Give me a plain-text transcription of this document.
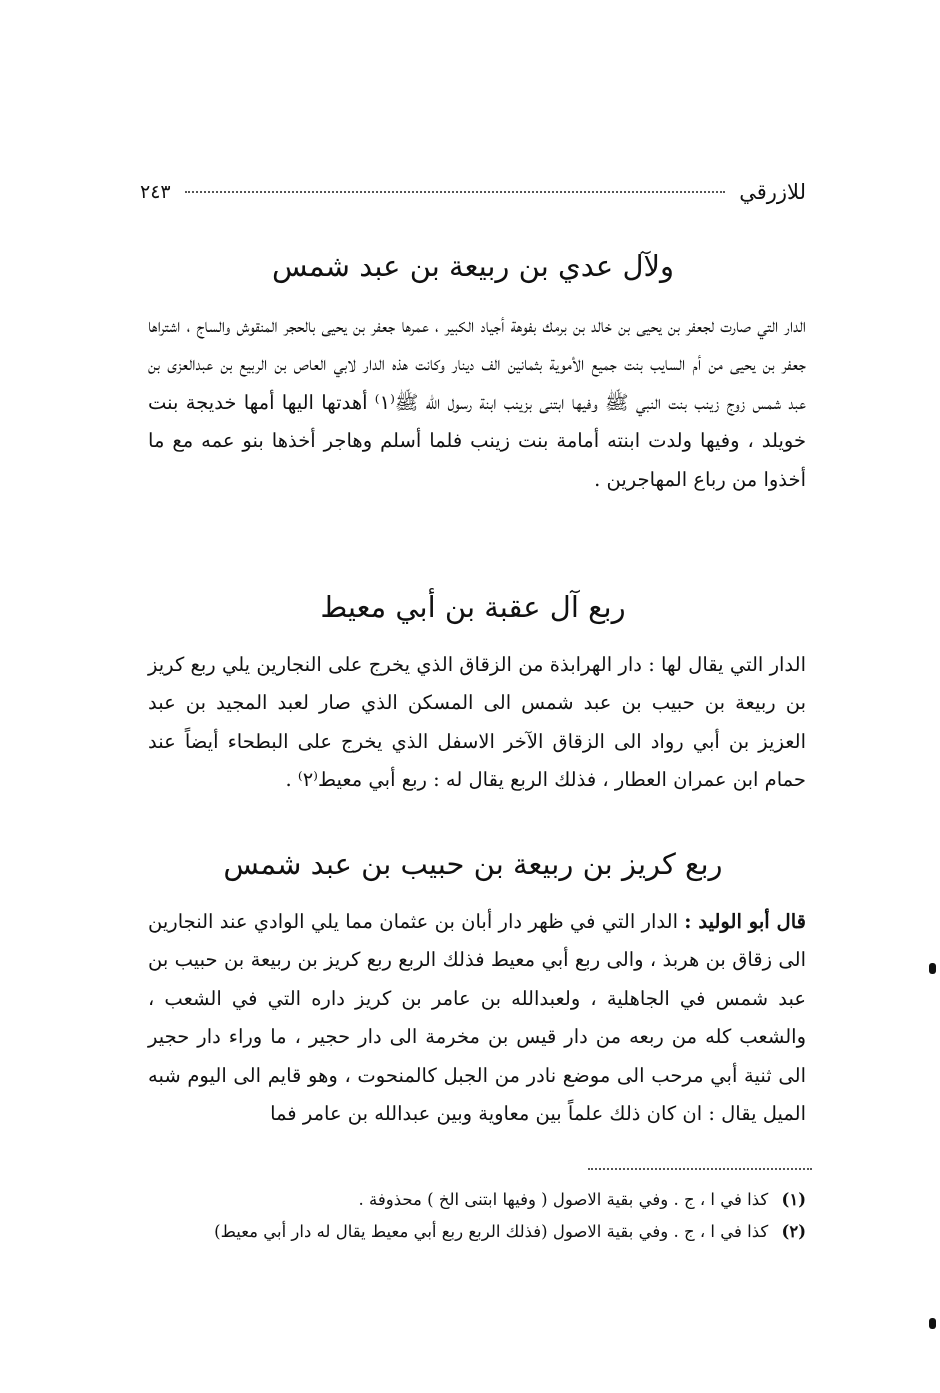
للازرقي
٢٤٣
ولآل عدي بن ربيعة بن عبد شمس

الدار التي صارت لجعفر بن يحيى بن خالد بن برمك بفوهة أجياد الكبير ، عمرها جعفر بن يحيى بالحجر المنقوش والساج ، اشتراها جعفر بن يحيى من أم السايب بنت جميع الأموية بثمانين الف دينار وكانت هذه الدار لابي العاص بن الربيع بن عبدالعزى بن عبد شمس زوج زينب بنت النبي ﷺ وفيها ابتنى بزينب ابنة رسول الله ﷺ⁽١⁾ أهدتها اليها أمها خديجة بنت خويلد ، وفيها ولدت ابنته أمامة بنت زينب فلما أسلم وهاجر أخذها بنو عمه مع ما أخذوا من رباع المهاجرين .

ربع آل عقبة بن أبي معيط

الدار التي يقال لها : دار الهرابذة من الزقاق الذي يخرج على النجارين يلي ربع كريز بن ربيعة بن حبيب بن عبد شمس الى المسكن الذي صار لعبد المجيد بن عبد العزيز بن أبي رواد الى الزقاق الآخر الاسفل الذي يخرج على البطحاء أيضاً عند حمام ابن عمران العطار ، فذلك الربع يقال له : ربع أبي معيط⁽٢⁾ .

ربع كريز بن ربيعة بن حبيب بن عبد شمس

قال أبو الوليد : الدار التي في ظهر دار أبان بن عثمان مما يلي الوادي عند النجارين الى زقاق بن هربذ ، والى ربع أبي معيط فذلك الربع ربع كريز بن ربيعة بن حبيب بن عبد شمس في الجاهلية ، ولعبدالله بن عامر بن كريز داره التي في الشعب ، والشعب كله من ربعه من دار قيس بن مخرمة الى دار حجير ، ما وراء دار حجير الى ثنية أبي مرحب الى موضع نادر من الجبل كالمنحوت ، وهو قايم الى اليوم شبه الميل يقال : ان كان ذلك علماً بين معاوية وبين عبدالله بن عامر فما

(١) كذا في ا ، ج . وفي بقية الاصول ( وفيها ابتنى الخ ) محذوفة .
(٢) كذا في ا ، ج . وفي بقية الاصول (فذلك الربع ربع أبي معيط يقال له دار أبي معيط)
